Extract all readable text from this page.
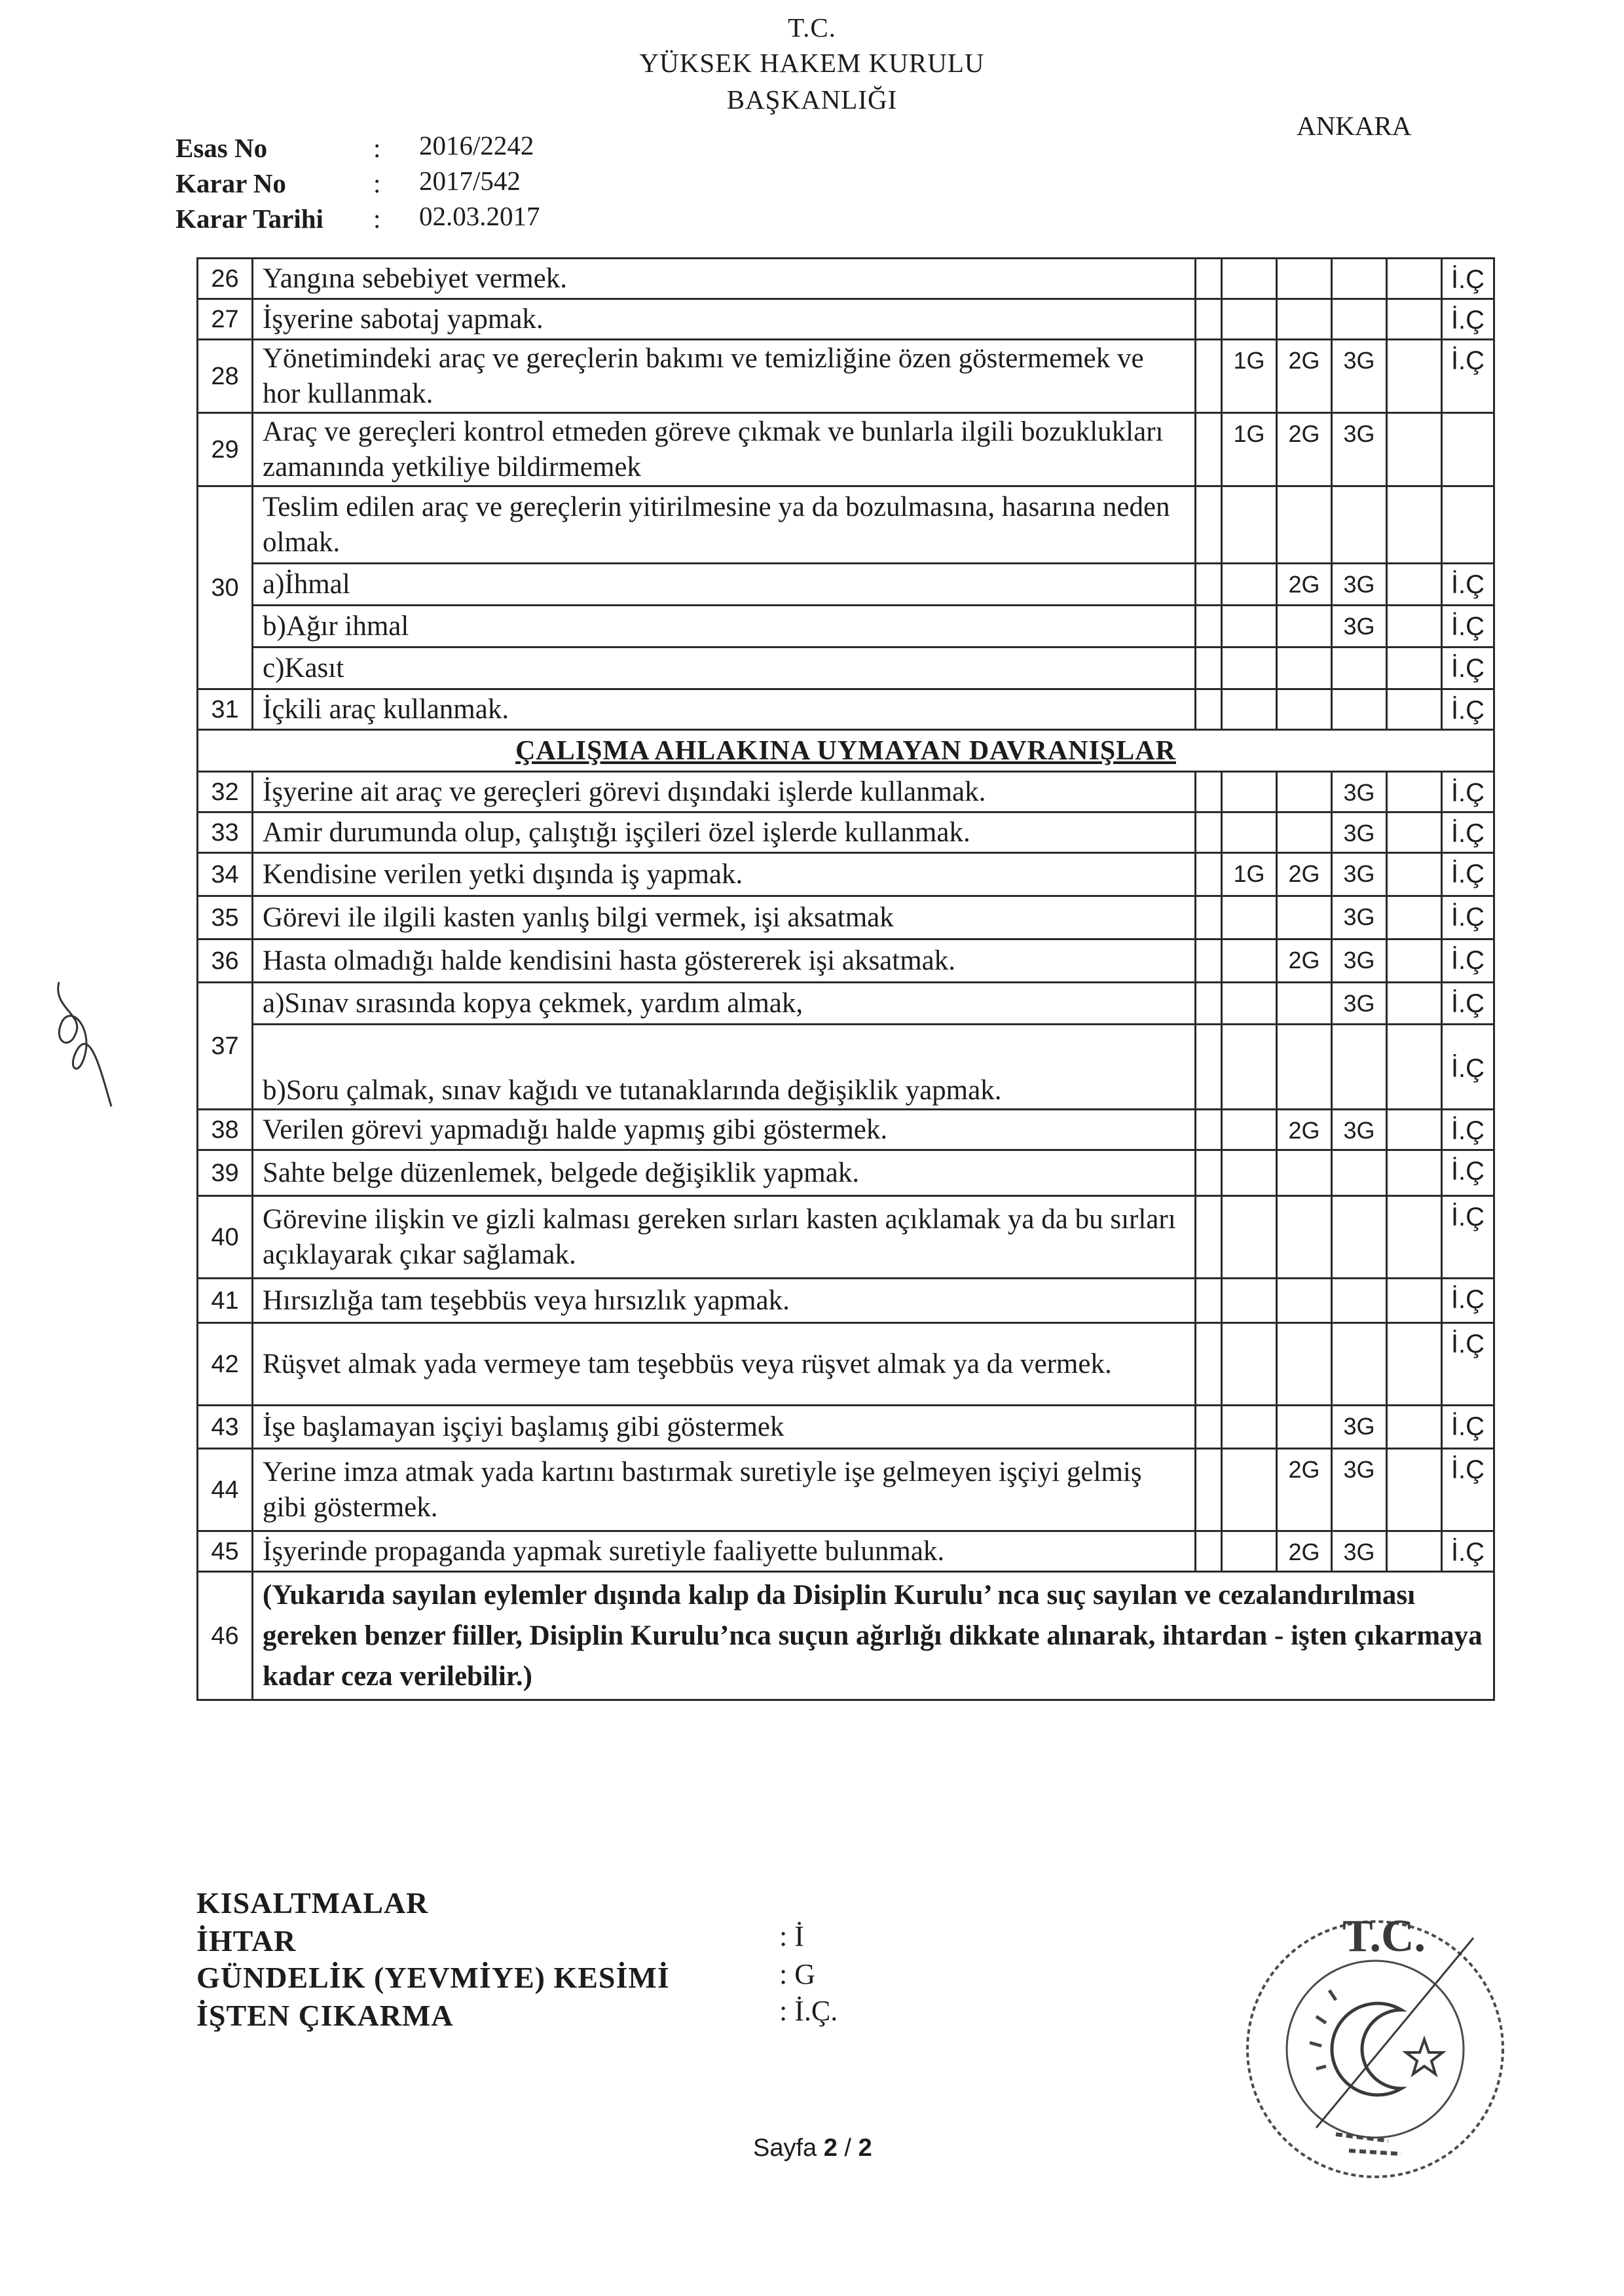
T.C.
YÜKSEK HAKEM KURULU
BAŞKANLIĞI
ANKARA
Esas No	: 2016/2242
Karar No	: 2017/542
Karar Tarihi : 02.03.2017
26	Yangına sebebiyet vermek.						İ.Ç
27	İşyerine sabotaj yapmak.						İ.Ç
28	Yönetimindeki araç ve gereçlerin bakımı ve temizliğine özen göstermemek ve hor kullanmak.		1G	2G	3G		İ.Ç
29	Araç ve gereçleri kontrol etmeden göreve çıkmak ve bunlarla ilgili bozuklukları zamanında yetkiliye bildirmemek		1G	2G	3G		
30	Teslim edilen araç ve gereçlerin yitirilmesine ya da bozulmasına, hasarına neden olmak.						
	a)İhmal			2G	3G		İ.Ç
	b)Ağır ihmal				3G		İ.Ç
	c)Kasıt						İ.Ç
31	İçkili araç kullanmak.						İ.Ç
ÇALIŞMA AHLAKINA UYMAYAN DAVRANIŞLAR							
32	İşyerine ait araç ve gereçleri görevi dışındaki işlerde kullanmak.				3G		İ.Ç
33	Amir durumunda olup, çalıştığı işçileri özel işlerde kullanmak.				3G		İ.Ç
34	Kendisine verilen yetki dışında iş yapmak.		1G	2G	3G		İ.Ç
35	Görevi ile ilgili kasten yanlış bilgi vermek, işi aksatmak				3G		İ.Ç
36	Hasta olmadığı halde kendisini hasta göstererek işi aksatmak.			2G	3G		İ.Ç
37	a)Sınav sırasında kopya çekmek, yardım almak,				3G		İ.Ç
	b)Soru çalmak, sınav kağıdı ve tutanaklarında değişiklik yapmak.						İ.Ç
38	Verilen görevi yapmadığı halde yapmış gibi göstermek.			2G	3G		İ.Ç
39	Sahte belge düzenlemek, belgede değişiklik yapmak.						İ.Ç
40	Görevine ilişkin ve gizli kalması gereken sırları kasten açıklamak ya da bu sırları açıklayarak çıkar sağlamak.						İ.Ç
41	Hırsızlığa tam teşebbüs veya hırsızlık yapmak.						İ.Ç
42	Rüşvet almak yada vermeye tam teşebbüs veya rüşvet almak ya da vermek.						İ.Ç
43	İşe başlamayan işçiyi başlamış gibi göstermek				3G		İ.Ç
44	Yerine imza atmak yada kartını bastırmak suretiyle işe gelmeyen işçiyi gelmiş gibi göstermek.			2G	3G		İ.Ç
45	İşyerinde propaganda yapmak suretiyle faaliyette bulunmak.			2G	3G		İ.Ç
46	(Yukarıda sayılan eylemler dışında kalıp da Disiplin Kurulu’ nca suç sayılan ve cezalandırılması gereken benzer fiiller, Disiplin Kurulu’nca suçun ağırlığı dikkate alınarak, ihtardan - işten çıkarmaya kadar ceza verilebilir.)						
KISALTMALAR
İHTAR	: İ
GÜNDELİK (YEVMİYE) KESİMİ	: G
İŞTEN ÇIKARMA	: İ.Ç.
Sayfa 2 / 2
T.C.
